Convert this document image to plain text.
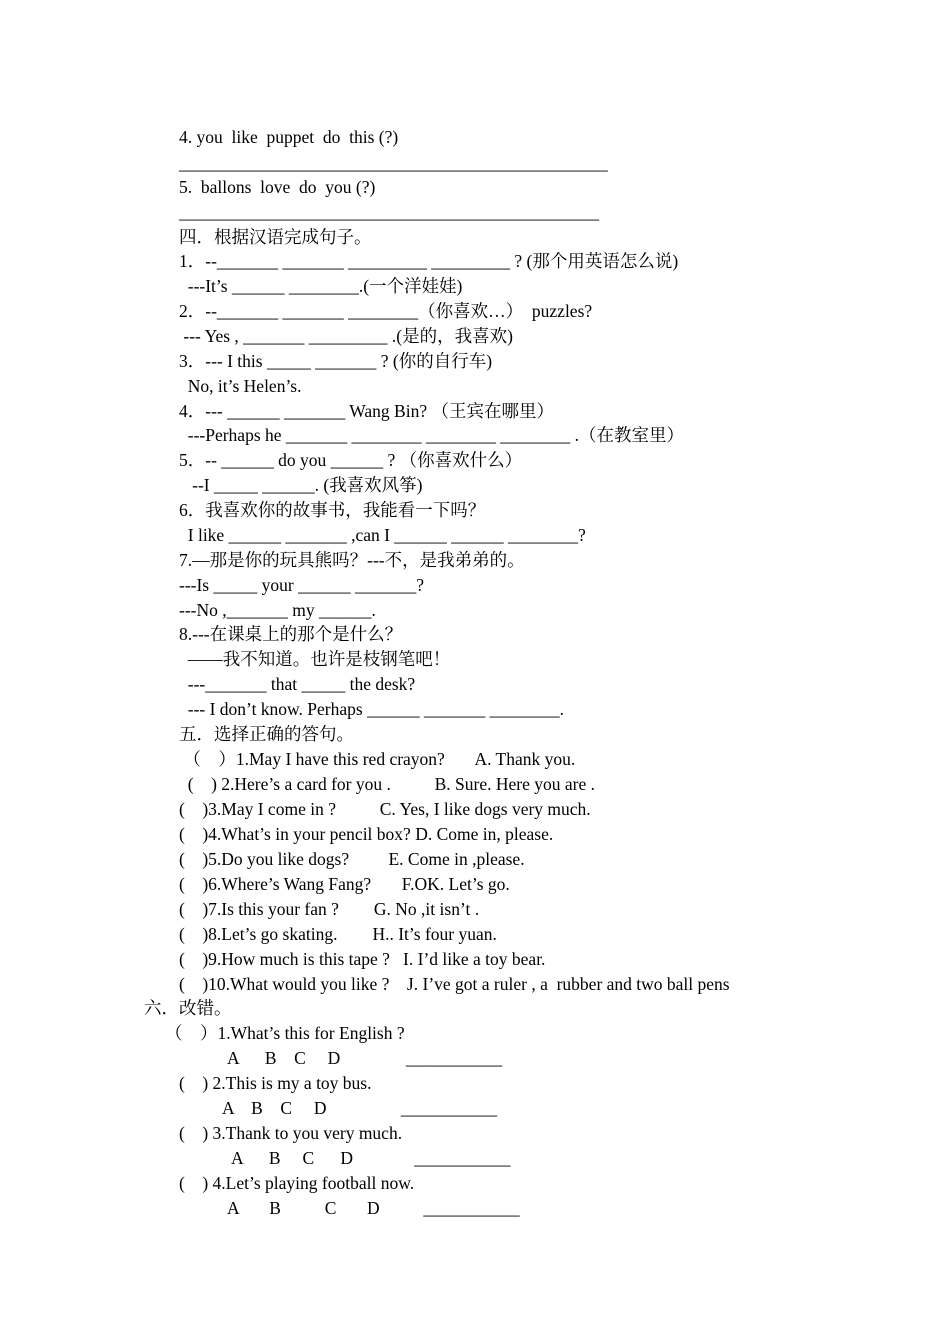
4. you  like  puppet  do  this (?)

_________________________________________________

5.  ballons  love  do  you (?)

________________________________________________

四．根据汉语完成句子。

1．--_______ _______ _________ _________ ? (那个用英语怎么说)

---It’s ______ ________.(一个洋娃娃)

2．--_______ _______ ________（你喜欢…）  puzzles?

--- Yes , _______ _________ .(是的，我喜欢)

3．--- I this _____ _______ ? (你的自行车)

No, it’s Helen’s.

4．--- ______ _______ Wang Bin? （王宾在哪里）

---Perhaps he _______ ________ ________ ________ .（在教室里）

5．-- ______ do you ______ ? （你喜欢什么）

--I _____ ______. (我喜欢风筝)

6．我喜欢你的故事书，我能看一下吗？

I like ______ _______ ,can I ______ ______ ________?

7.—那是你的玩具熊吗？---不，是我弟弟的。

---Is _____ your ______ _______?

---No ,_______ my ______.

8.---在课桌上的那个是什么？

——我不知道。也许是枝钢笔吧！

---_______ that _____ the desk?

--- I don’t know. Perhaps ______ _______ ________.

五．选择正确的答句。

（    ）1.May I have this red crayon?       A. Thank you.

(    ) 2.Here’s a card for you .          B. Sure. Here you are .

(    )3.May I come in ?          C. Yes, I like dogs very much.

(    )4.What’s in your pencil box? D. Come in, please.

(    )5.Do you like dogs?         E. Come in ,please.

(    )6.Where’s Wang Fang?       F.OK. Let’s go.

(    )7.Is this your fan ?        G. No ,it isn’t .

(    )8.Let’s go skating.        H.. It’s four yuan.

(    )9.How much is this tape ?   I. I’d like a toy bear.

(    )10.What would you like ?    J. I’ve got a ruler , a  rubber and two ball pens

六．改错。

（    ）1.What’s this for English ?

A      B    C     D               ___________

(    ) 2.This is my a toy bus.

A    B    C     D                 ___________

(    ) 3.Thank to you very much.

A      B     C      D              ___________

(    ) 4.Let’s playing football now.

A       B          C       D          ___________
